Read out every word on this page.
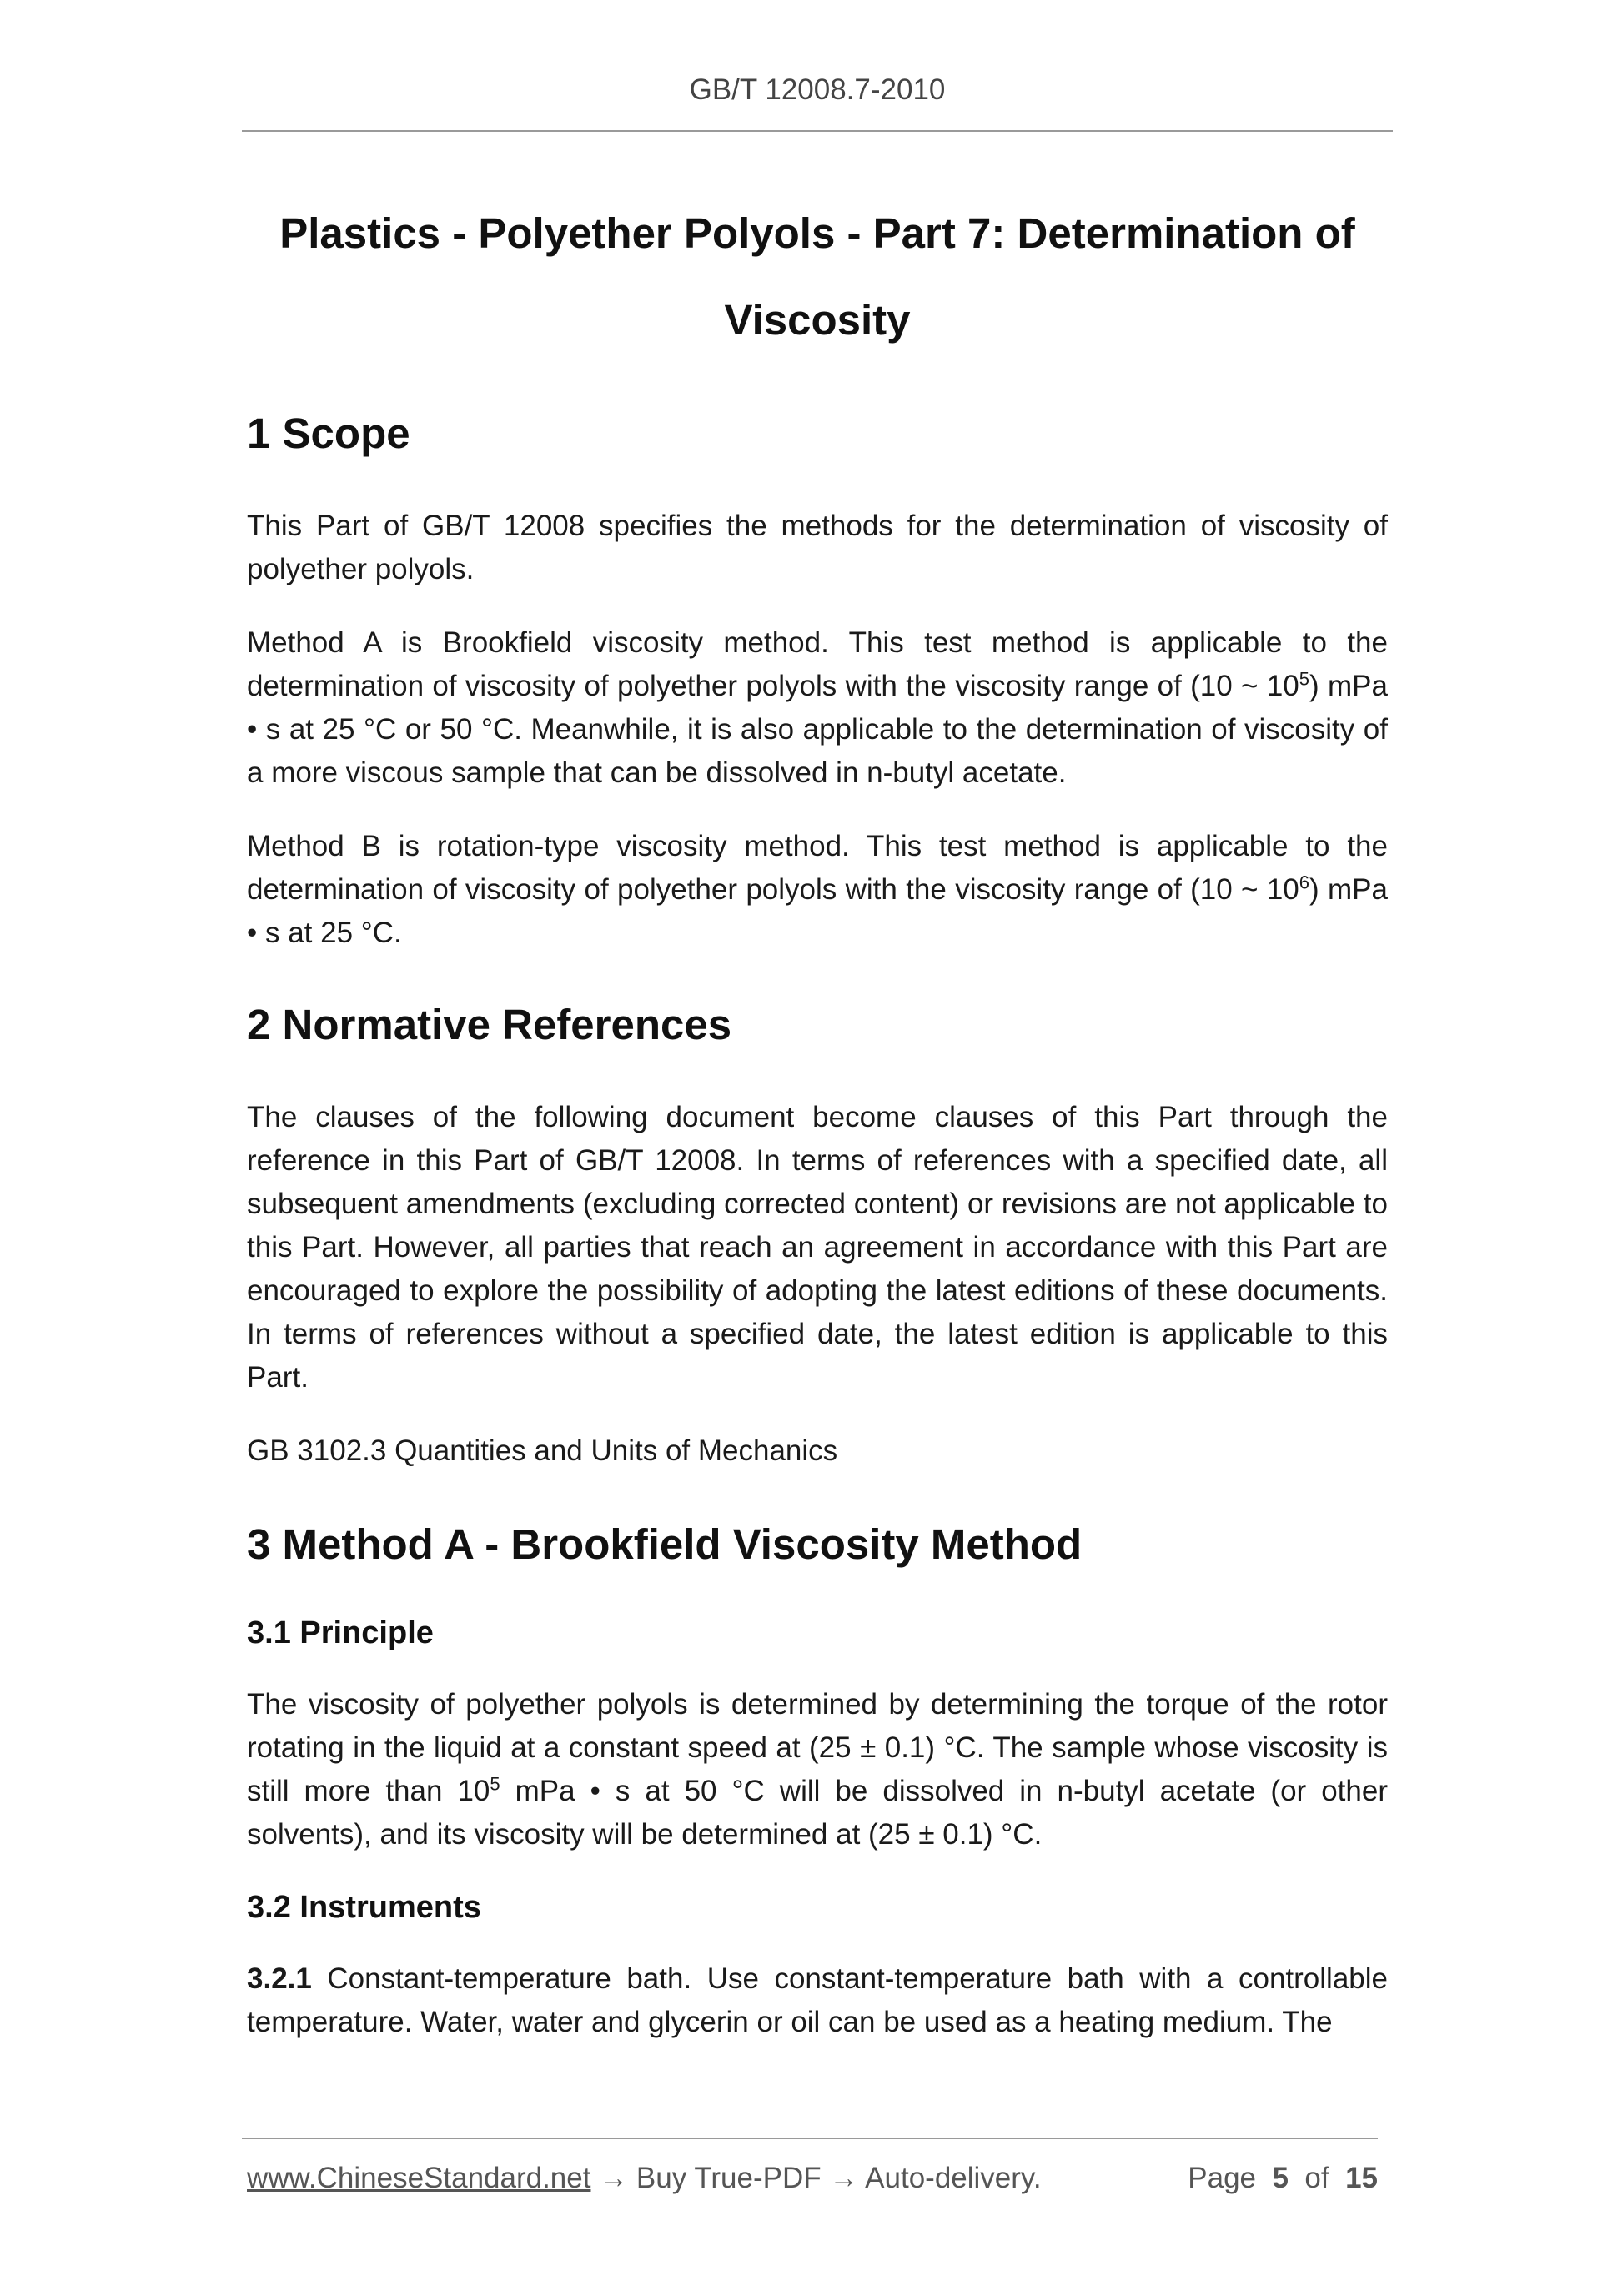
GB/T 12008.7-2010
Plastics - Polyether Polyols - Part 7: Determination of
Viscosity
1 Scope

This Part of GB/T 12008 specifies the methods for the determination of viscosity of polyether polyols.

Method A is Brookfield viscosity method. This test method is applicable to the determination of viscosity of polyether polyols with the viscosity range of (10 ~ $10^5$) mPa • s at 25 °C or 50 °C. Meanwhile, it is also applicable to the determination of viscosity of a more viscous sample that can be dissolved in n-butyl acetate.

Method B is rotation-type viscosity method. This test method is applicable to the determination of viscosity of polyether polyols with the viscosity range of (10 ~ $10^6$) mPa • s at 25 °C.

2 Normative References

The clauses of the following document become clauses of this Part through the reference in this Part of GB/T 12008. In terms of references with a specified date, all subsequent amendments (excluding corrected content) or revisions are not applicable to this Part. However, all parties that reach an agreement in accordance with this Part are encouraged to explore the possibility of adopting the latest editions of these documents. In terms of references without a specified date, the latest edition is applicable to this Part.

GB 3102.3 Quantities and Units of Mechanics

3 Method A - Brookfield Viscosity Method
3.1 Principle

The viscosity of polyether polyols is determined by determining the torque of the rotor rotating in the liquid at a constant speed at (25 ± 0.1) °C. The sample whose viscosity is still more than $10^5$ mPa • s at 50 °C will be dissolved in n-butyl acetate (or other solvents), and its viscosity will be determined at (25 ± 0.1) °C.

3.2 Instruments

3.2.1 Constant-temperature bath. Use constant-temperature bath with a controllable temperature. Water, water and glycerin or oil can be used as a heating medium. The

www.ChineseStandard.net → Buy True-PDF → Auto-delivery.	Page 5 of 15
